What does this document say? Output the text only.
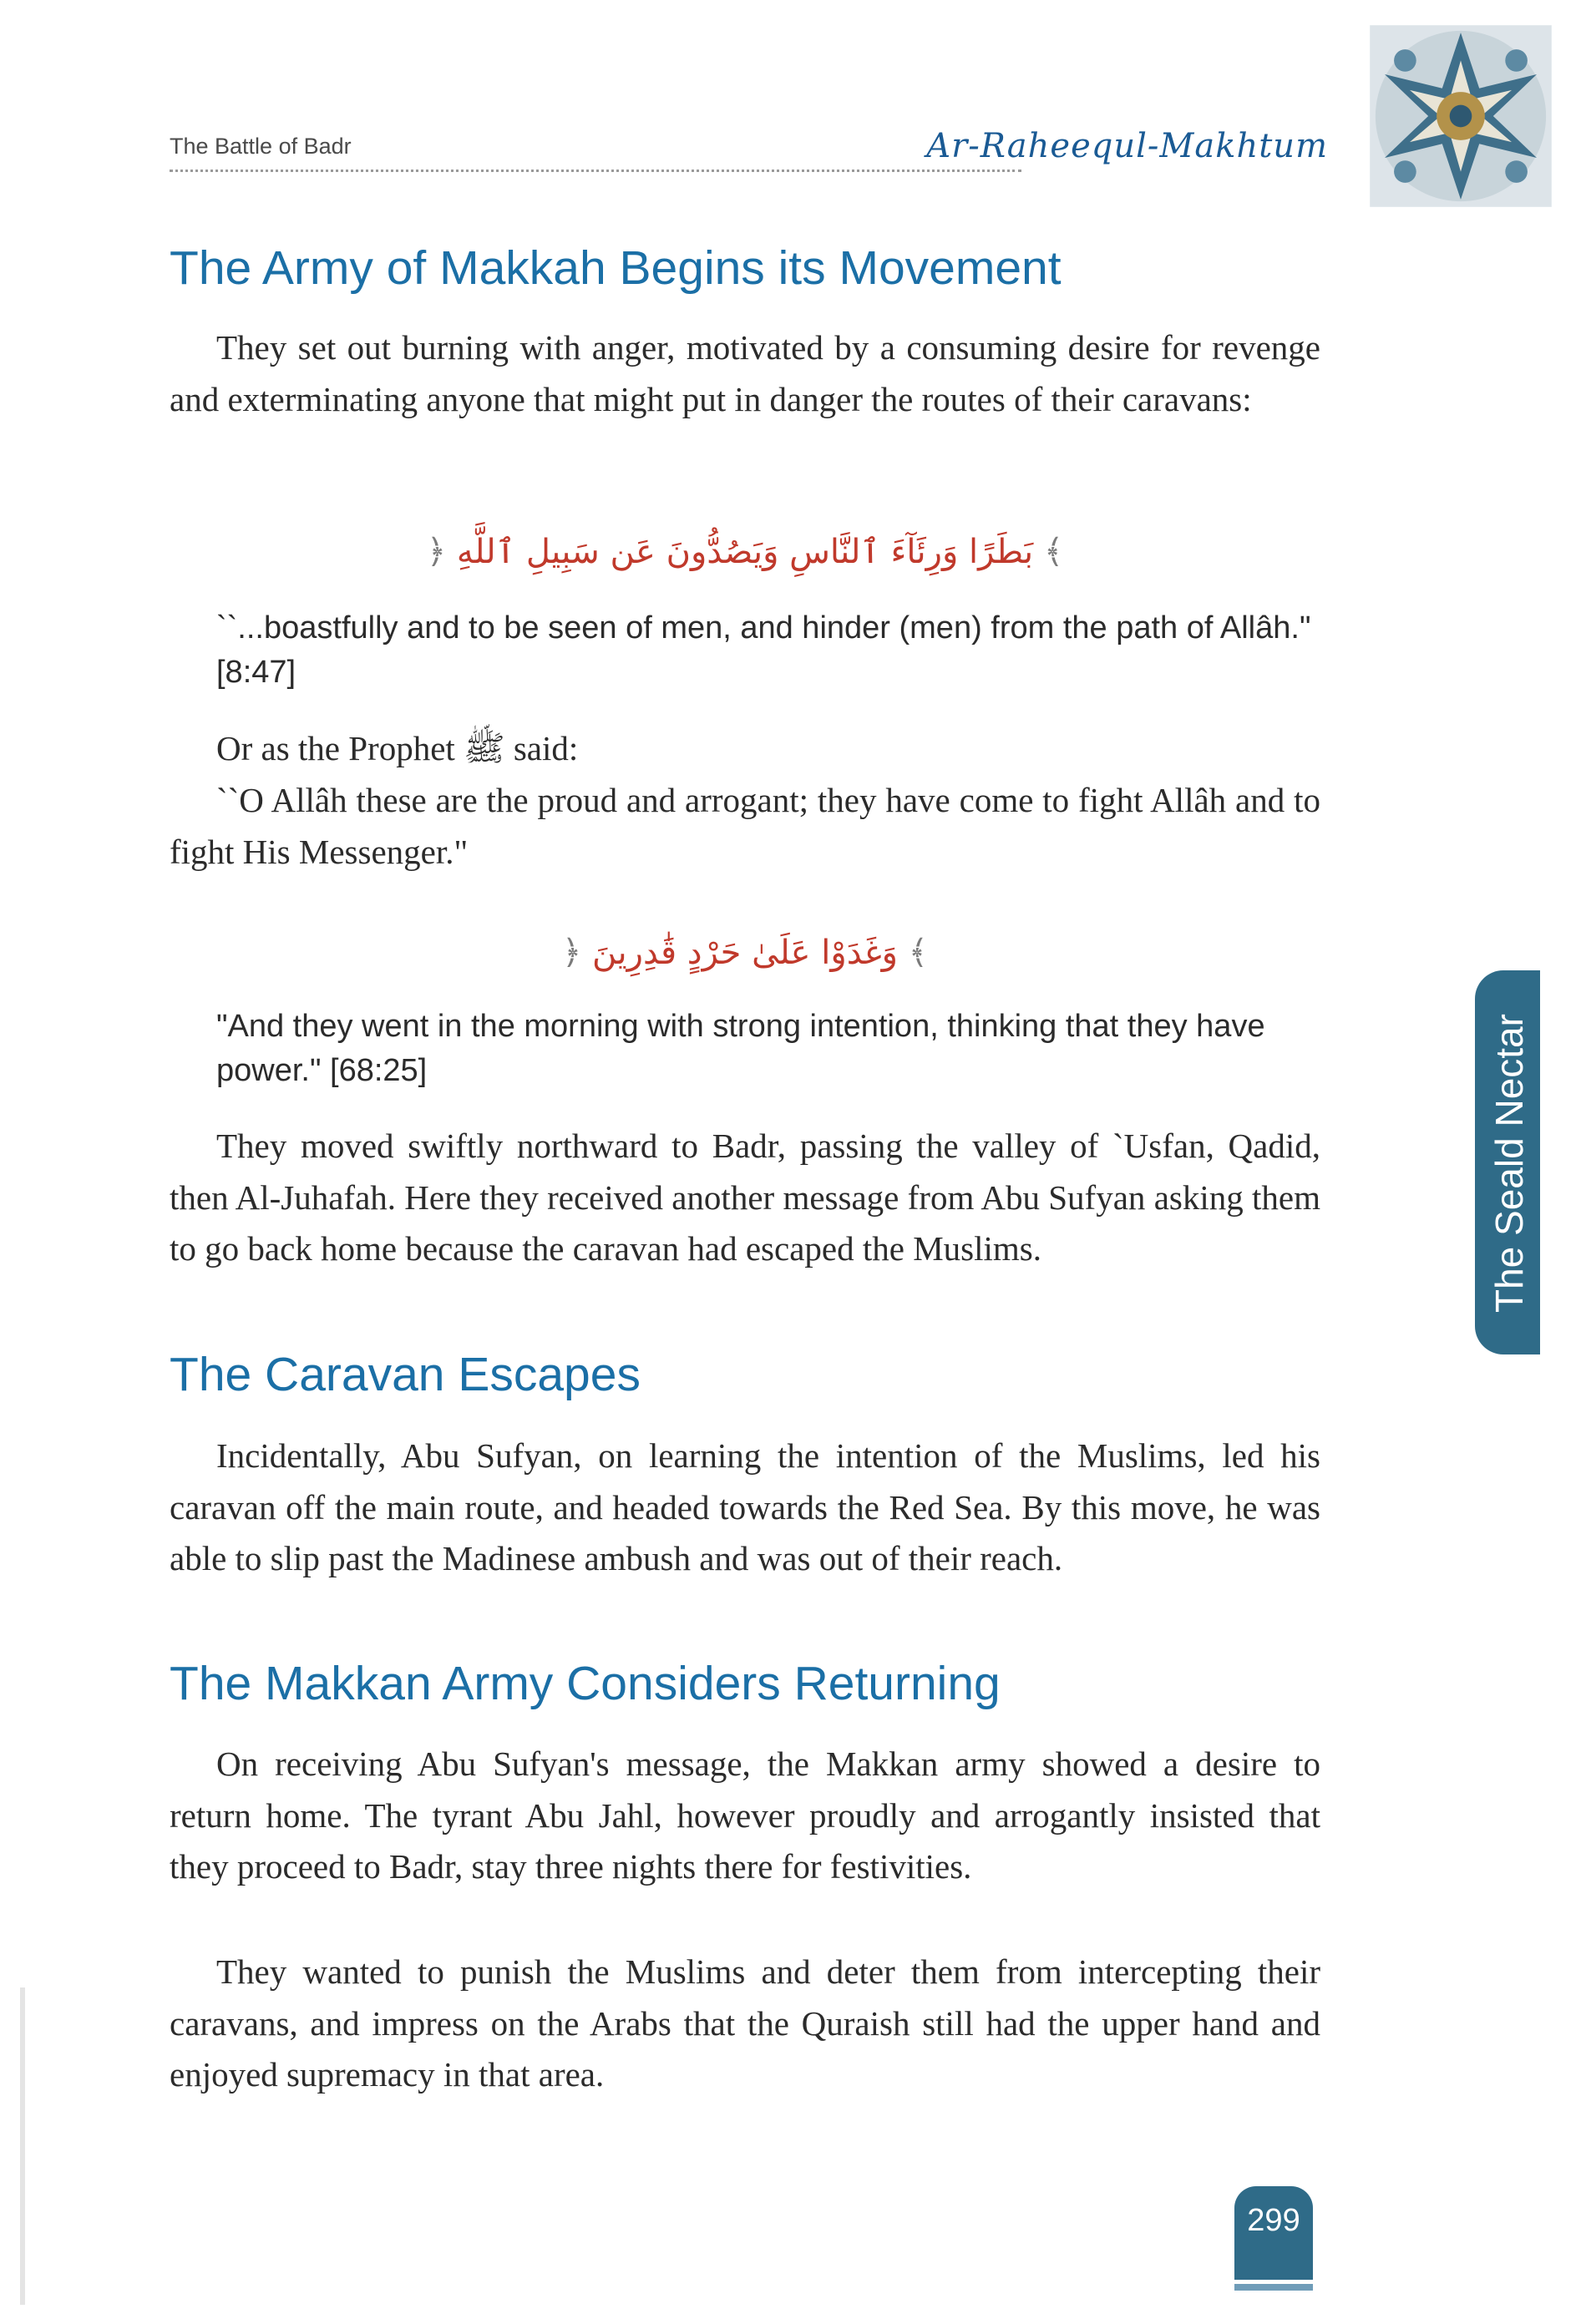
The Battle of Badr	Ar-Raheequl-Makhtum
The Seald Nectar
The Army of Makkah Begins its Movement

They set out burning with anger, motivated by a consuming desire for revenge and exterminating anyone that might put in danger the routes of their caravans:

﴿ بَطَرًا وَرِئَآءَ ٱلنَّاسِ وَيَصُدُّونَ عَن سَبِيلِ ٱللَّهِ ﴾

``...boastfully and to be seen of men, and hinder (men) from the path of Allâh." [8:47]

Or as the Prophet ﷺ said:

``O Allâh these are the proud and arrogant; they have come to fight Allâh and to fight His Messenger."

﴿ وَغَدَوْا عَلَىٰ حَرْدٍ قَٰدِرِينَ ﴾

"And they went in the morning with strong intention, thinking that they have power." [68:25]

They moved swiftly northward to Badr, passing the valley of `Usfan, Qadid, then Al-Juhafah. Here they received another message from Abu Sufyan asking them to go back home because the caravan had escaped the Muslims.

The Caravan Escapes

Incidentally, Abu Sufyan, on learning the intention of the Muslims, led his caravan off the main route, and headed towards the Red Sea. By this move, he was able to slip past the Madinese ambush and was out of their reach.

The Makkan Army Considers Returning

On receiving Abu Sufyan's message, the Makkan army showed a desire to return home. The tyrant Abu Jahl, however proudly and arrogantly insisted that they proceed to Badr, stay three nights there for festivities.

They wanted to punish the Muslims and deter them from intercepting their caravans, and impress on the Arabs that the Quraish still had the upper hand and enjoyed supremacy in that area.

299
